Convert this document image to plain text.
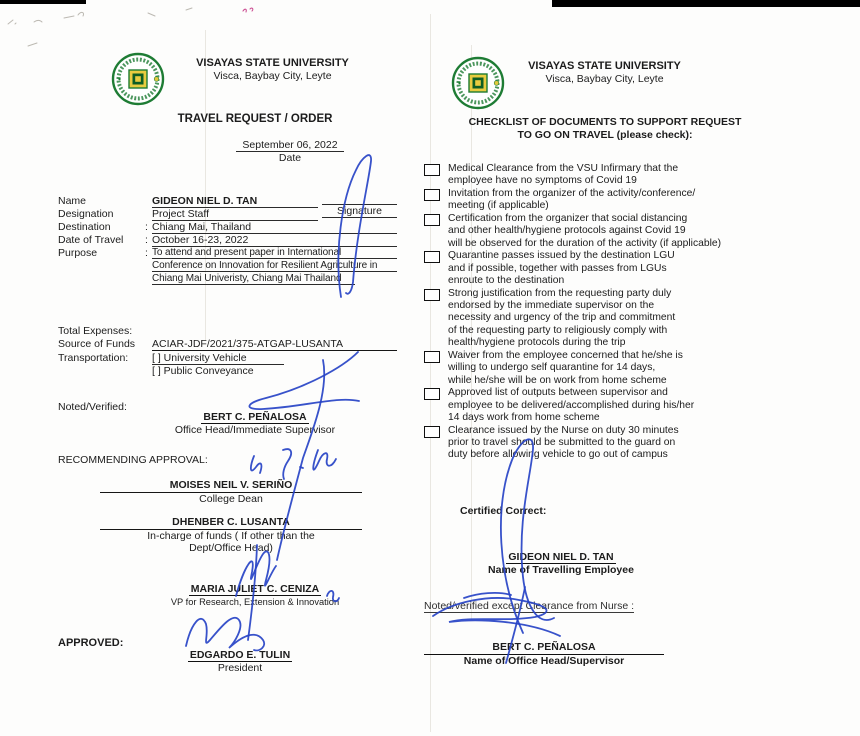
VISAYAS STATE UNIVERSITY
Visca, Baybay City, Leyte
TRAVEL REQUEST / ORDER
September 06, 2022
Date
Name	GIDEON NIEL D. TAN
Signature
Designation	Project Staff
Destination	: Chiang Mai, Thailand
Date of Travel : October 16-23, 2022
Purpose	: To attend and present paper in International
Conference on Innovation for Resilient Agriculture in
Chiang Mai Univeristy, Chiang Mai Thailand
Total Expenses:
Source of Funds ACIAR-JDF/2021/375-ATGAP-LUSANTA
Transportation: [ ] University Vehicle
[ ] Public Conveyance
Noted/Verified:
BERT C. PEÑALOSA
Office Head/Immediate Supervisor
RECOMMENDING APPROVAL:
MOISES NEIL V. SERIÑO
College Dean
DHENBER C. LUSANTA
In-charge of funds ( If other than the
Dept/Office Head)
MARIA JULIET C. CENIZA
VP for Research, Extension & Innovation
APPROVED:
EDGARDO E. TULIN
President
VISAYAS STATE UNIVERSITY
Visca, Baybay City, Leyte
CHECKLIST OF DOCUMENTS TO SUPPORT REQUEST
TO GO ON TRAVEL (please check):
Medical Clearance from the VSU Infirmary that the
employee have no symptoms of Covid 19
Invitation from the organizer of the activity/conference/
meeting (if applicable)
Certification from the organizer that social distancing
and other health/hygiene protocols against Covid 19
will be observed for the duration of the activity (if applicable)
Quarantine passes issued by the destination LGU
and if possible, together with passes from LGUs
enroute to the destination
Strong justification from the requesting party duly
endorsed by the immediate supervisor on the
necessity and urgency of the trip and commitment
of the requesting party to religiously comply with
health/hygiene protocols during the trip
Waiver from the employee concerned that he/she is
willing to undergo self quarantine for 14 days,
while he/she will be on work from home scheme
Approved list of outputs between supervisor and
employee to be delivered/accomplished during his/her
14 days work from home scheme
Clearance issued by the Nurse on duty 30 minutes
prior to travel should be submitted to the guard on
duty before allowing vehicle to go out of campus
Certified Correct:
GIDEON NIEL D. TAN
Name of Travelling Employee
Noted/verified except Clearance from Nurse :
BERT C. PEÑALOSA
Name of Office Head/Supervisor
